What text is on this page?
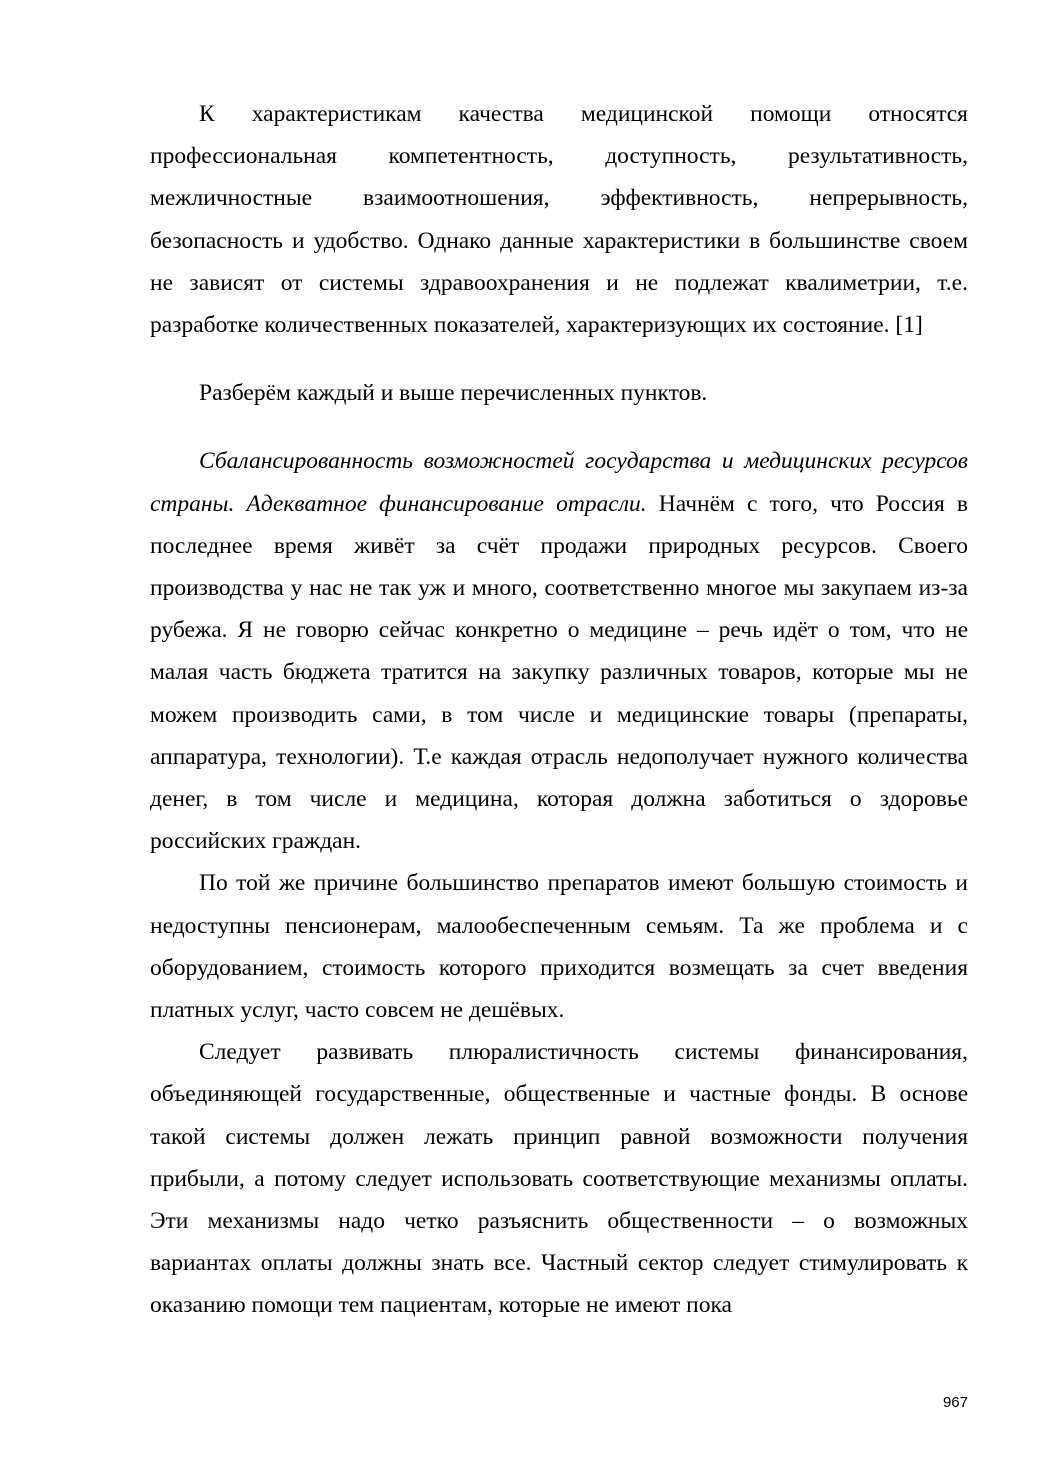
К характеристикам качества медицинской помощи относятся профессиональная компетентность, доступность, результативность, межличностные взаимоотношения, эффективность, непрерывность, безопасность и удобство. Однако данные характеристики в большинстве своем не зависят от системы здравоохранения и не подлежат квалиметрии, т.е. разработке количественных показателей, характеризующих их состояние. [1]

Разберём каждый и выше перечисленных пунктов.

Сбалансированность возможностей государства и медицинских ресурсов страны. Адекватное финансирование отрасли. Начнём с того, что Россия в последнее время живёт за счёт продажи природных ресурсов. Своего производства у нас не так уж и много, соответственно многое мы закупаем из-за рубежа. Я не говорю сейчас конкретно о медицине – речь идёт о том, что не малая часть бюджета тратится на закупку различных товаров, которые мы не можем производить сами, в том числе и медицинские товары (препараты, аппаратура, технологии). Т.е каждая отрасль недополучает нужного количества денег, в том числе и медицина, которая должна заботиться о здоровье российских граждан.

По той же причине большинство препаратов имеют большую стоимость и недоступны пенсионерам, малообеспеченным семьям. Та же проблема и с оборудованием, стоимость которого приходится возмещать за счет введения платных услуг, часто совсем не дешёвых.

Следует развивать плюралистичность системы финансирования, объединяющей государственные, общественные и частные фонды. В основе такой системы должен лежать принцип равной возможности получения прибыли, а потому следует использовать соответствующие механизмы оплаты. Эти механизмы надо четко разъяснить общественности – о возможных вариантах оплаты должны знать все. Частный сектор следует стимулировать к оказанию помощи тем пациентам, которые не имеют пока

967
